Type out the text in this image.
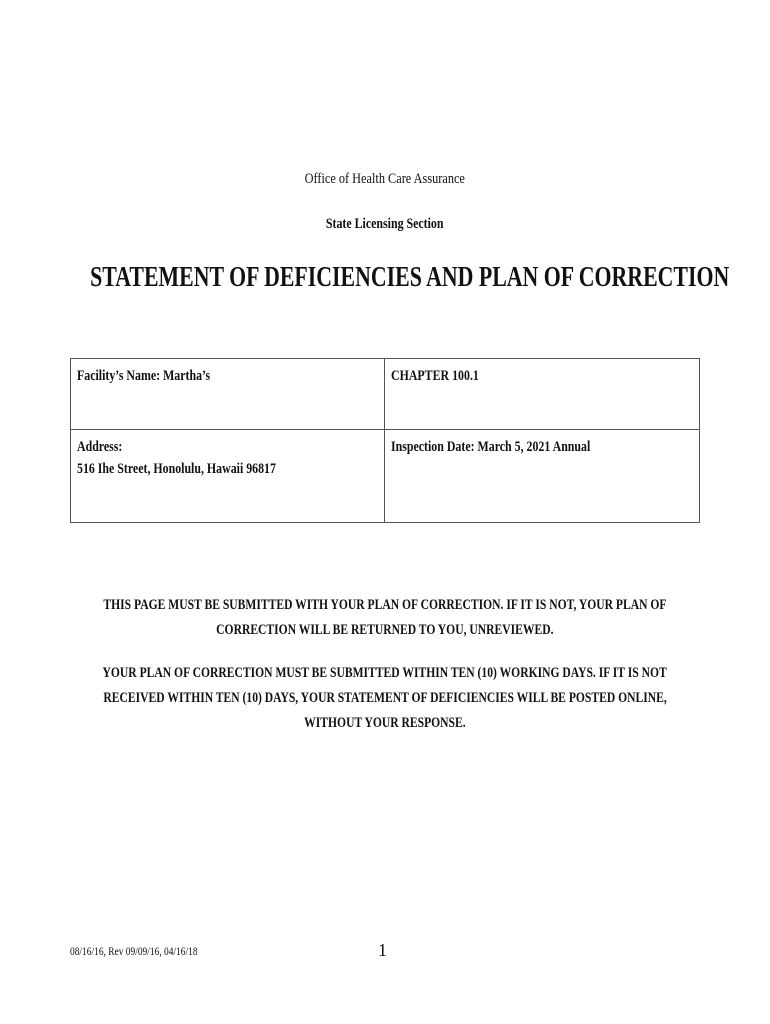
Office of Health Care Assurance
State Licensing Section
STATEMENT OF DEFICIENCIES AND PLAN OF CORRECTION
Facility’s Name: Martha’s	CHAPTER 100.1

Address:
516 Ihe Street, Honolulu, Hawaii 96817	Inspection Date: March 5, 2021 Annual
THIS PAGE MUST BE SUBMITTED WITH YOUR PLAN OF CORRECTION. IF IT IS NOT, YOUR PLAN OF
CORRECTION WILL BE RETURNED TO YOU, UNREVIEWED.
YOUR PLAN OF CORRECTION MUST BE SUBMITTED WITHIN TEN (10) WORKING DAYS. IF IT IS NOT
RECEIVED WITHIN TEN (10) DAYS, YOUR STATEMENT OF DEFICIENCIES WILL BE POSTED ONLINE,
WITHOUT YOUR RESPONSE.
08/16/16, Rev 09/09/16, 04/16/18	1
